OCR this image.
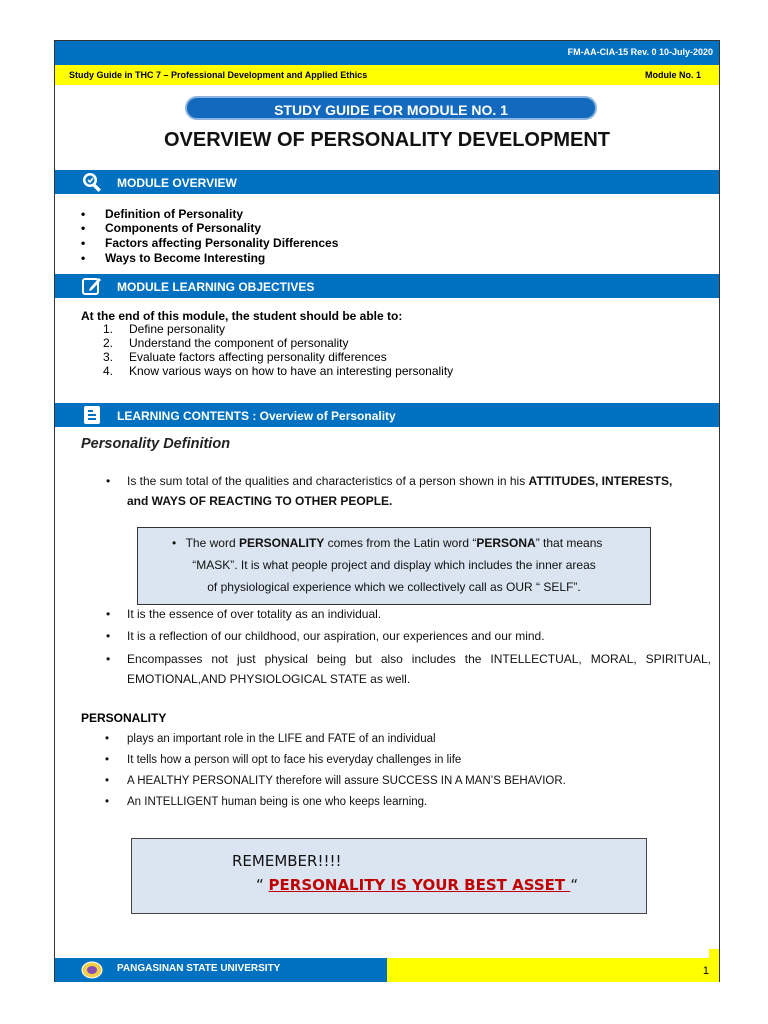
FM-AA-CIA-15 Rev. 0 10-July-2020
Study Guide in THC 7 – Professional Development and Applied Ethics	Module No. 1
STUDY GUIDE FOR MODULE NO. 1
OVERVIEW OF PERSONALITY DEVELOPMENT
MODULE OVERVIEW
• Definition of Personality
• Components of Personality
• Factors affecting Personality Differences
• Ways to Become Interesting
MODULE LEARNING OBJECTIVES
At the end of this module, the student should be able to:
1. Define personality
2. Understand the component of personality
3. Evaluate factors affecting personality differences
4. Know various ways on how to have an interesting personality
LEARNING CONTENTS : Overview of Personality
Personality Definition
• Is the sum total of the qualities and characteristics of a person shown in his ATTITUDES, INTERESTS,
and WAYS OF REACTING TO OTHER PEOPLE.
• The word PERSONALITY comes from the Latin word “PERSONA” that means
“MASK”. It is what people project and display which includes the inner areas
of physiological experience which we collectively call as OUR “ SELF”.
• It is the essence of over totality as an individual.
• It is a reflection of our childhood, our aspiration, our experiences and our mind.
• Encompasses not just physical being but also includes the INTELLECTUAL, MORAL, SPIRITUAL, EMOTIONAL,AND PHYSIOLOGICAL STATE as well.
PERSONALITY
• plays an important role in the LIFE and FATE of an individual
• It tells how a person will opt to face his everyday challenges in life
• A HEALTHY PERSONALITY therefore will assure SUCCESS IN A MAN’S BEHAVIOR.
• An INTELLIGENT human being is one who keeps learning.
REMEMBER!!!!
“ PERSONALITY IS YOUR BEST ASSET “
PANGASINAN STATE UNIVERSITY	1
